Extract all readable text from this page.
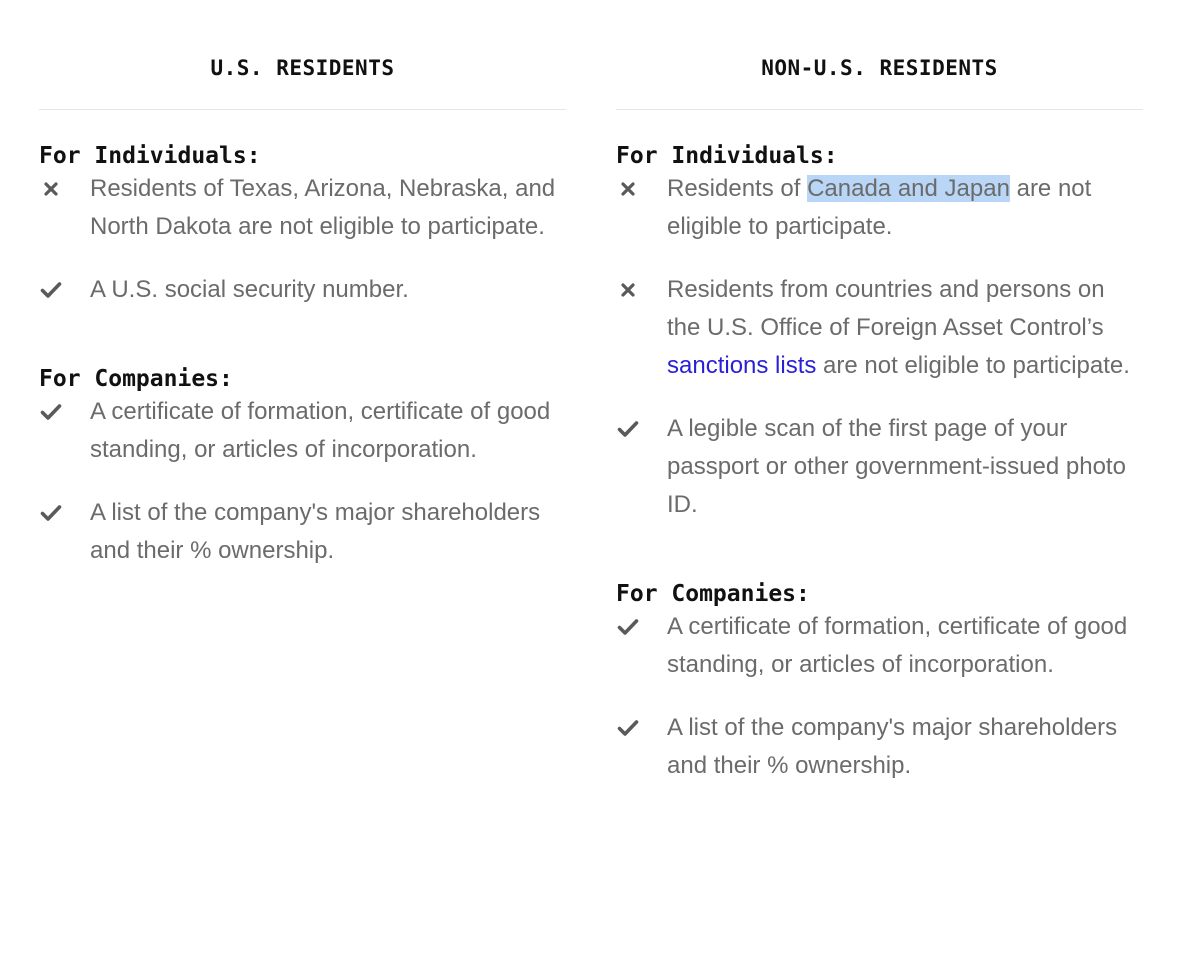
U.S. RESIDENTS
For Individuals:
Residents of Texas, Arizona, Nebraska, and North Dakota are not eligible to participate.
A U.S. social security number.
For Companies:
A certificate of formation, certificate of good standing, or articles of incorporation.
A list of the company's major shareholders and their % ownership.
NON-U.S. RESIDENTS
For Individuals:
Residents of Canada and Japan are not eligible to participate.
Residents from countries and persons on the U.S. Office of Foreign Asset Control’s sanctions lists are not eligible to participate.
A legible scan of the first page of your passport or other government-issued photo ID.
For Companies:
A certificate of formation, certificate of good standing, or articles of incorporation.
A list of the company's major shareholders and their % ownership.
